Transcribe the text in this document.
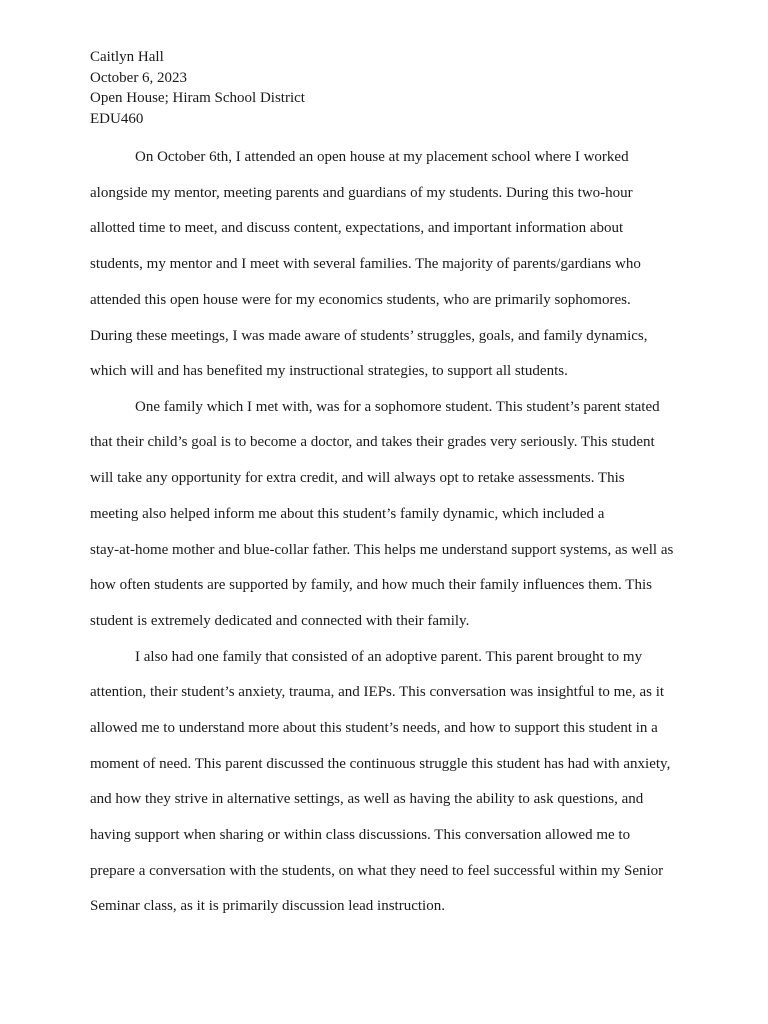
Caitlyn Hall
October 6, 2023
Open House; Hiram School District
EDU460
On October 6th, I attended an open house at my placement school where I worked
alongside my mentor, meeting parents and guardians of my students. During this two-hour
allotted time to meet, and discuss content, expectations, and important information about
students, my mentor and I meet with several families. The majority of parents/gardians who
attended this open house were for my economics students, who are primarily sophomores.
During these meetings, I was made aware of students’ struggles, goals, and family dynamics,
which will and has benefited my instructional strategies, to support all students.
One family which I met with, was for a sophomore student. This student’s parent stated
that their child’s goal is to become a doctor, and takes their grades very seriously. This student
will take any opportunity for extra credit, and will always opt to retake assessments. This
meeting also helped inform me about this student’s family dynamic, which included a
stay-at-home mother and blue-collar father. This helps me understand support systems, as well as
how often students are supported by family, and how much their family influences them. This
student is extremely dedicated and connected with their family.
I also had one family that consisted of an adoptive parent. This parent brought to my
attention, their student’s anxiety, trauma, and IEPs. This conversation was insightful to me, as it
allowed me to understand more about this student’s needs, and how to support this student in a
moment of need. This parent discussed the continuous struggle this student has had with anxiety,
and how they strive in alternative settings, as well as having the ability to ask questions, and
having support when sharing or within class discussions. This conversation allowed me to
prepare a conversation with the students, on what they need to feel successful within my Senior
Seminar class, as it is primarily discussion lead instruction.
